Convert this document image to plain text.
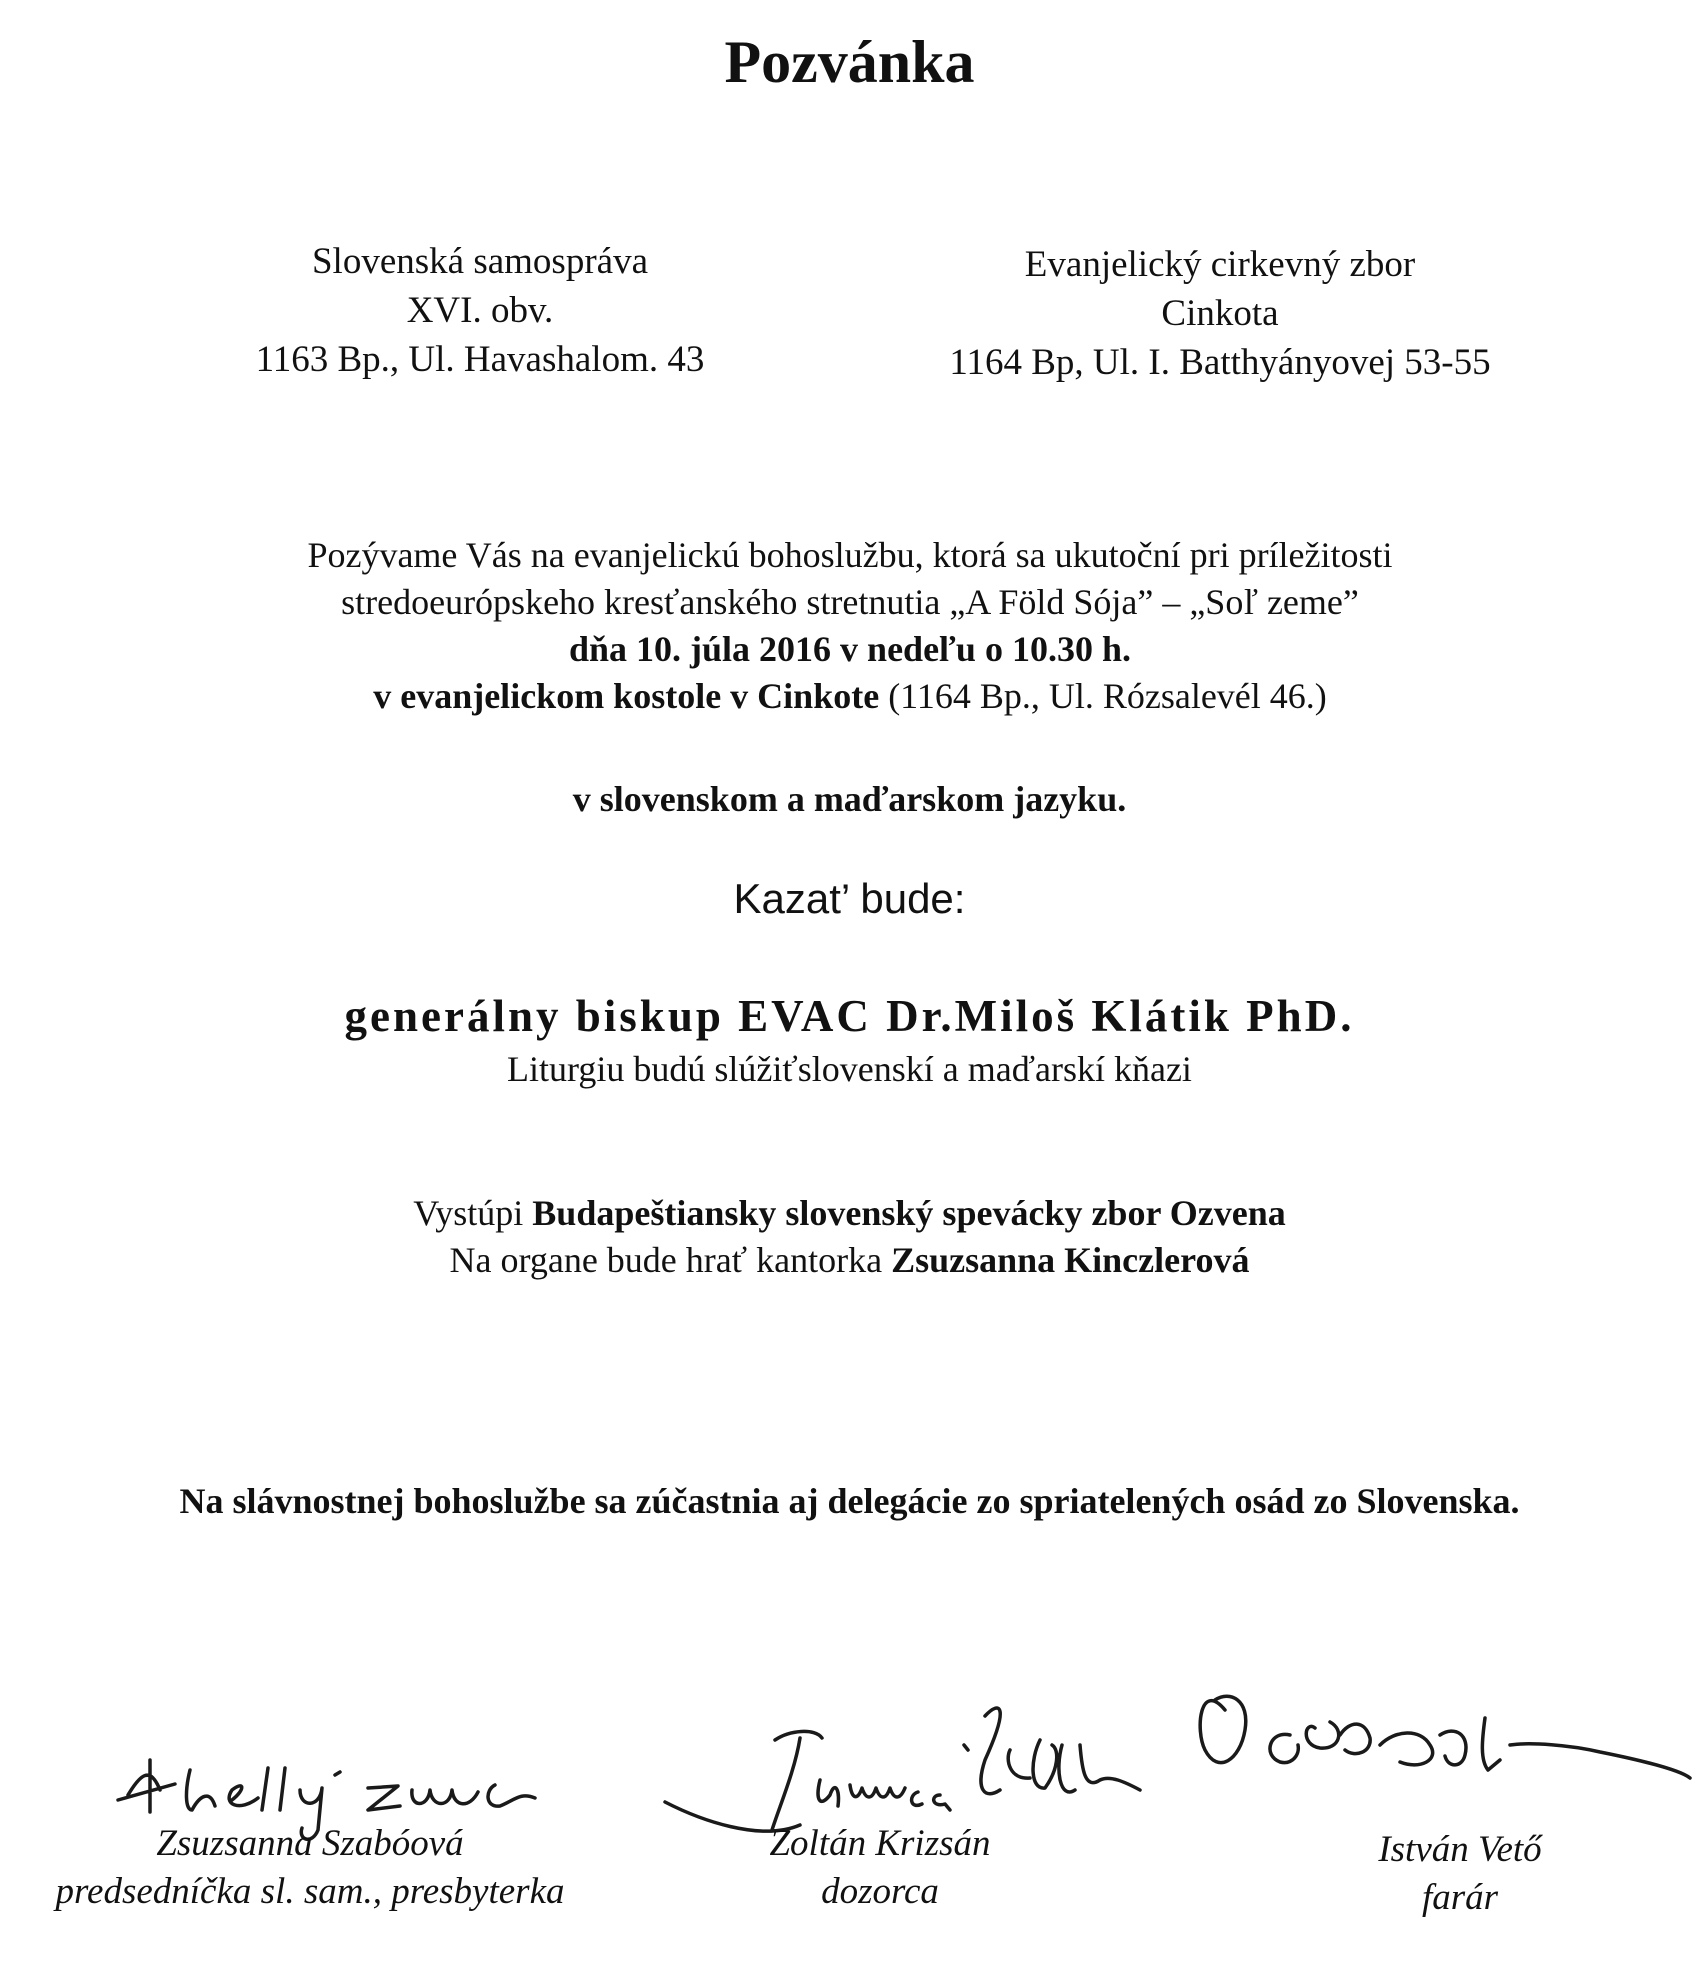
Pozvánka
Slovenská samospráva
XVI. obv.
1163 Bp., Ul. Havashalom. 43
Evanjelický cirkevný zbor
Cinkota
1164 Bp, Ul. I. Batthyányovej 53-55
Pozývame Vás na evanjelickú bohoslužbu, ktorá sa ukutoční pri príležitosti
stredoeurópskeho kresťanského stretnutia „A Föld Sója” – „Soľ zeme”
dňa 10. júla 2016 v nedeľu o 10.30 h.
v evanjelickom kostole v Cinkote (1164 Bp., Ul. Rózsalevél 46.)
v slovenskom a maďarskom jazyku.
Kazat’ bude:
generálny biskup EVAC Dr.Miloš Klátik PhD.
Liturgiu budú slúžiťslovenskí a maďarskí kňazi
Vystúpi Budapeštiansky slovenský spevácky zbor Ozvena
Na organe bude hrať kantorka Zsuzsanna Kinczlerová
Na slávnostnej bohoslužbe sa zúčastnia aj delegácie zo spriatelených osád zo Slovenska.
Zsuzsanna Szabóová
predsedníčka sl. sam., presbyterka
Zoltán Krizsán
dozorca
István Vető
farár
